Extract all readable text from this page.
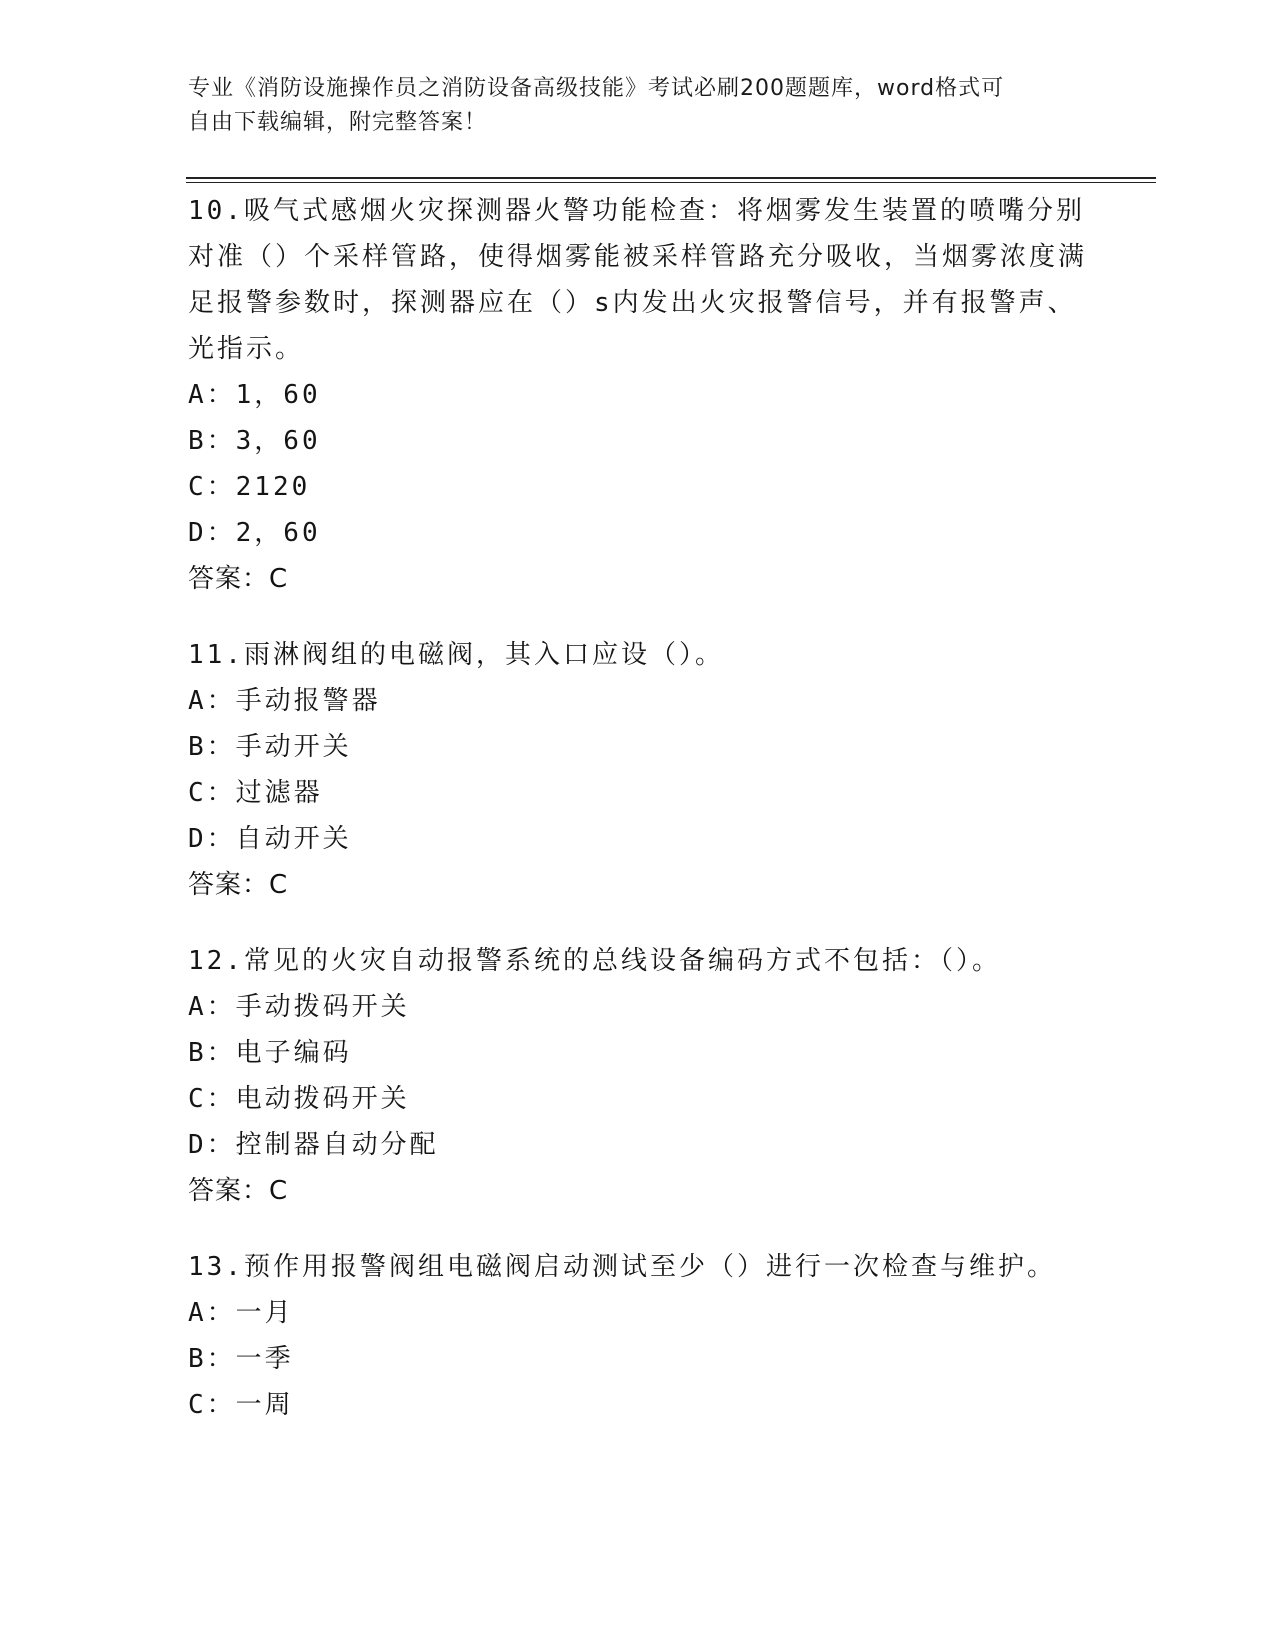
专业《消防设施操作员之消防设备高级技能》考试必刷200题题库，word格式可
自由下载编辑，附完整答案！
10.吸气式感烟火灾探测器火警功能检查：将烟雾发生装置的喷嘴分别对准（）个采样管路，使得烟雾能被采样管路充分吸收，当烟雾浓度满足报警参数时，探测器应在（）s内发出火灾报警信号，并有报警声、光指示。
A：1，60
B：3，60
C：2120
D：2，60
答案：C
11.雨淋阀组的电磁阀，其入口应设（）。
A：手动报警器
B：手动开关
C：过滤器
D：自动开关
答案：C
12.常见的火灾自动报警系统的总线设备编码方式不包括：（）。
A：手动拨码开关
B：电子编码
C：电动拨码开关
D：控制器自动分配
答案：C
13.预作用报警阀组电磁阀启动测试至少（）进行一次检查与维护。
A：一月
B：一季
C：一周
